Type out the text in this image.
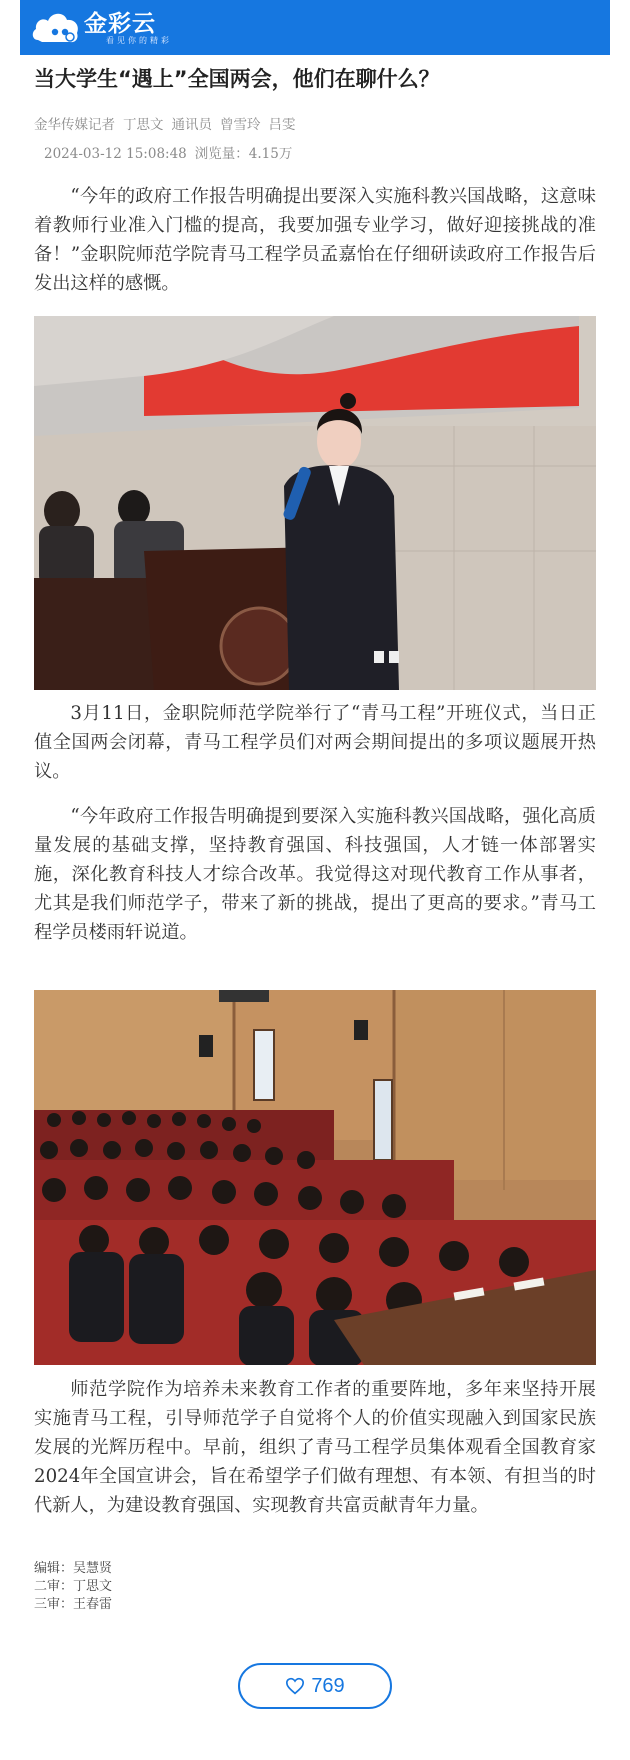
金彩云
看见你的精彩
当大学生“遇上”全国两会，他们在聊什么？
金华传媒记者 丁思文 通讯员 曾雪玲 吕雯
2024-03-12 15:08:48 浏览量：4.15万

“今年的政府工作报告明确提出要深入实施科教兴国战略，这意味着教师行业准入门槛的提高，我要加强专业学习，做好迎接挑战的准备！”金职院师范学院青马工程学员孟嘉怡在仔细研读政府工作报告后发出这样的感慨。

3月11日，金职院师范学院举行了“青马工程”开班仪式，当日正值全国两会闭幕，青马工程学员们对两会期间提出的多项议题展开热议。

“今年政府工作报告明确提到要深入实施科教兴国战略，强化高质量发展的基础支撑，坚持教育强国、科技强国，人才链一体部署实施，深化教育科技人才综合改革。我觉得这对现代教育工作从事者，尤其是我们师范学子，带来了新的挑战，提出了更高的要求。”青马工程学员楼雨轩说道。

师范学院作为培养未来教育工作者的重要阵地，多年来坚持开展实施青马工程，引导师范学子自觉将个人的价值实现融入到国家民族发展的光辉历程中。早前，组织了青马工程学员集体观看全国教育家2024年全国宣讲会，旨在希望学子们做有理想、有本领、有担当的时代新人，为建设教育强国、实现教育共富贡献青年力量。

编辑：吴慧贤
二审：丁思文
三审：王春雷
769
